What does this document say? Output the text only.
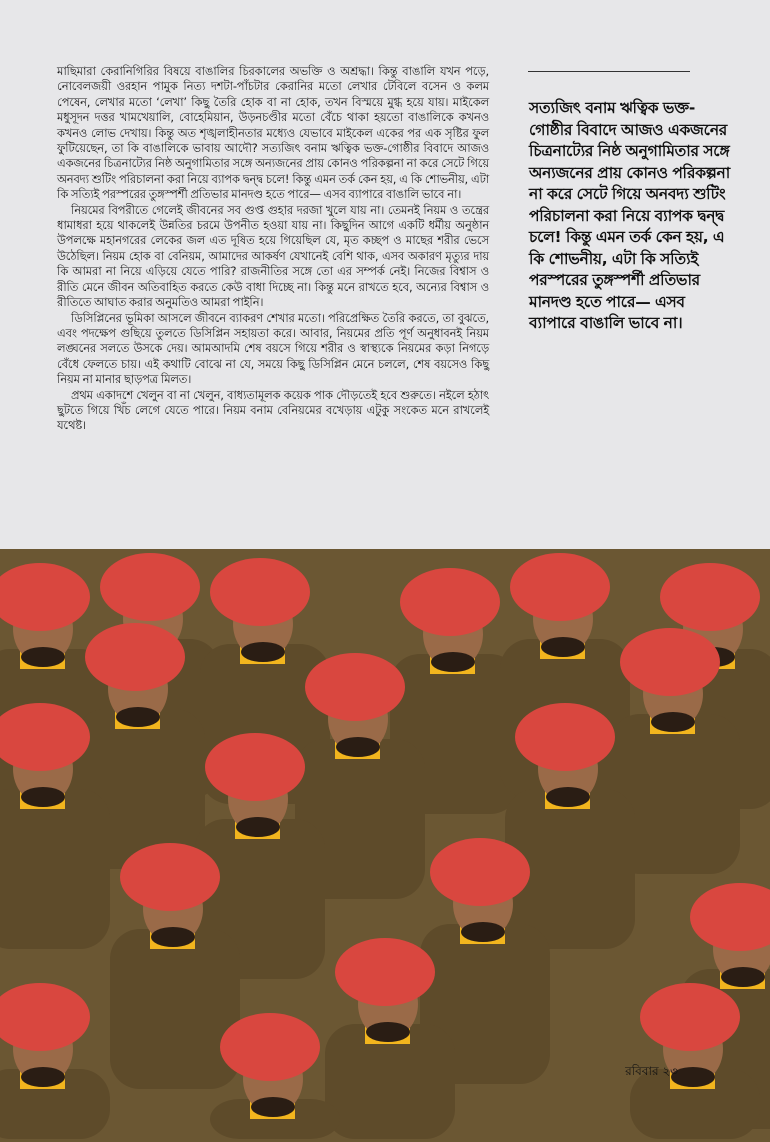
মাছিমারা কেরানিগিরির বিষয়ে বাঙালির চিরকালের অভক্তি ও অশ্রদ্ধা। কিন্তু বাঙালি যখন পড়ে, নোবেলজয়ী ওরহান পামুক নিত্য দশটা-পাঁচটার কেরানির মতো লেখার টেবিলে বসেন ও কলম পেষেন, লেখার মতো ‘লেখা’ কিছু তৈরি হোক বা না হোক, তখন বিস্ময়ে মুগ্ধ হয়ে যায়। মাইকেল মধুসূদন দত্তর খামখেয়ালি, বোহেমিয়ান, উড়নচণ্ডীর মতো বেঁচে থাকা হয়তো বাঙালিকে কখনও কখনও লোভ দেখায়। কিন্তু অত শৃঙ্খলাহীনতার মধ্যেও যেভাবে মাইকেল একের পর এক সৃষ্টির ফুল ফুটিয়েছেন, তা কি বাঙালিকে ভাবায় আদৌ? সত্যজিৎ বনাম ঋত্বিক ভক্ত-গোষ্ঠীর বিবাদে আজও একজনের চিত্রনাট্যের নিষ্ঠ অনুগামিতার সঙ্গে অন্যজনের প্রায় কোনও পরিকল্পনা না করে সেটে গিয়ে অনবদ্য শুটিং পরিচালনা করা নিয়ে ব্যাপক দ্বন্দ্ব চলে! কিন্তু এমন তর্ক কেন হয়, এ কি শোভনীয়, এটা কি সত্যিই পরস্পরের তুঙ্গস্পর্শী প্রতিভার মানদণ্ড হতে পারে— এসব ব্যাপারে বাঙালি ভাবে না।

নিয়মের বিপরীতে গেলেই জীবনের সব গুপ্ত গুহার দরজা খুলে যায় না। তেমনই নিয়ম ও তন্ত্রের ধামাধরা হয়ে থাকলেই উন্নতির চরমে উপনীত হওয়া যায় না। কিছুদিন আগে একটি ধর্মীয় অনুষ্ঠান উপলক্ষে মহানগরের লেকের জল এত দূষিত হয়ে গিয়েছিল যে, মৃত কচ্ছপ ও মাছের শরীর ভেসে উঠেছিল। নিয়ম হোক বা বেনিয়ম, আমাদের আকর্ষণ যেখানেই বেশি থাক, এসব অকারণ মৃত্যুর দায় কি আমরা না নিয়ে এড়িয়ে যেতে পারি? রাজনীতির সঙ্গে তো এর সম্পর্ক নেই। নিজের বিশ্বাস ও রীতি মেনে জীবন অতিবাহিত করতে কেউ বাধা দিচ্ছে না। কিন্তু মনে রাখতে হবে, অন্যের বিশ্বাস ও রীতিতে আঘাত করার অনুমতিও আমরা পাইনি।

ডিসিপ্লিনের ভূমিকা আসলে জীবনে ব্যাকরণ শেখার মতো। পরিপ্রেক্ষিত তৈরি করতে, তা বুঝতে, এবং পদক্ষেপ গুছিয়ে তুলতে ডিসিপ্লিন সহায়তা করে। আবার, নিয়মের প্রতি পূর্ণ অনুধাবনই নিয়ম লঙ্ঘনের সলতে উসকে দেয়। আমআদমি শেষ বয়সে গিয়ে শরীর ও স্বাস্থ্যকে নিয়মের কড়া নিগড়ে বেঁধে ফেলতে চায়। এই কথাটি বোঝে না যে, সময়ে কিছু ডিসিপ্লিন মেনে চললে, শেষ বয়সেও কিছু নিয়ম না মানার ছাড়পত্র মিলত।

প্রথম একাদশে খেলুন বা না খেলুন, বাধ্যতামূলক কয়েক পাক দৌড়তেই হবে শুরুতে। নইলে হঠাৎ ছুটতে গিয়ে খিঁচ লেগে যেতে পারে। নিয়ম বনাম বেনিয়মের বখেড়ায় এটুকু সংকেত মনে রাখলেই যথেষ্ট।

সত্যজিৎ বনাম ঋত্বিক ভক্ত-গোষ্ঠীর বিবাদে আজও একজনের চিত্রনাট্যের নিষ্ঠ অনুগামিতার সঙ্গে অন্যজনের প্রায় কোনও পরিকল্পনা না করে সেটে গিয়ে অনবদ্য শুটিং পরিচালনা করা নিয়ে ব্যাপক দ্বন্দ্ব চলে! কিন্তু এমন তর্ক কেন হয়, এ কি শোভনীয়, এটা কি সত্যিই পরস্পরের তুঙ্গস্পর্শী প্রতিভার মানদণ্ড হতে পারে— এসব ব্যাপারে বাঙালি ভাবে না।
রবিবার ২৩
